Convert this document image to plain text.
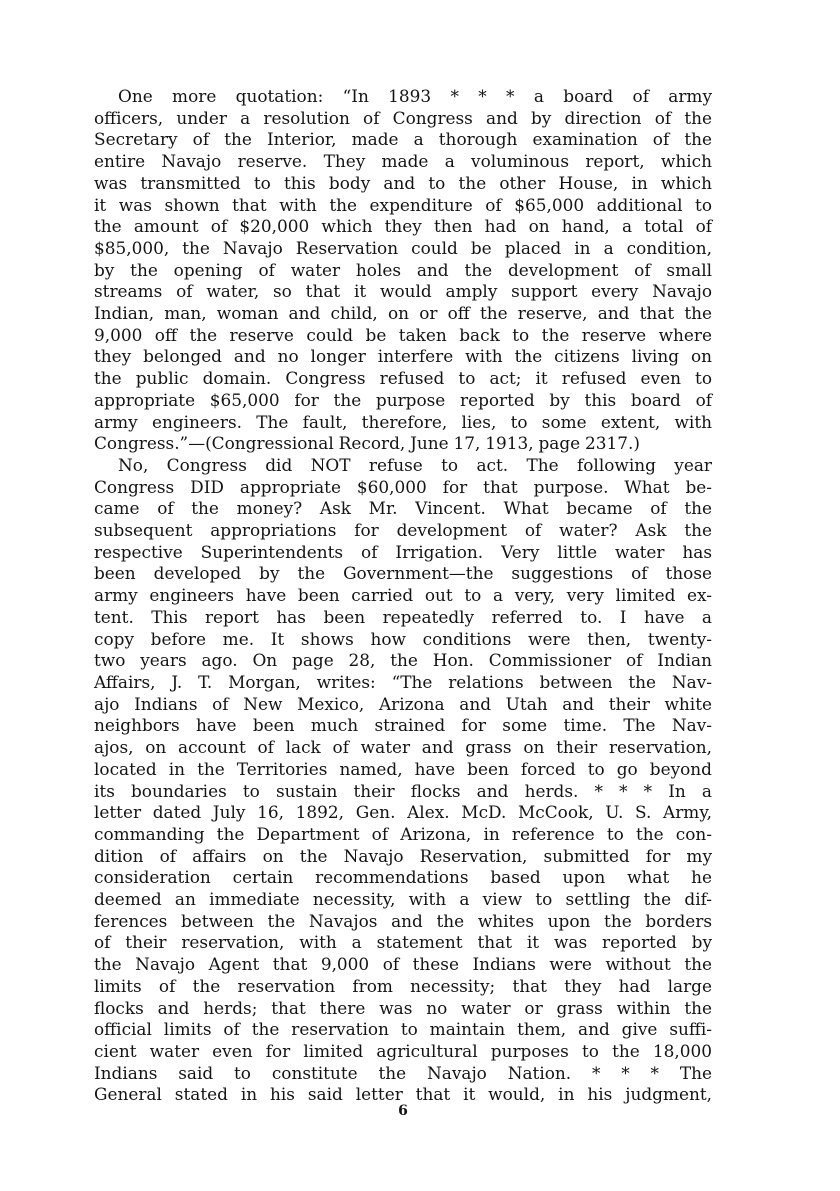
One more quotation: “In 1893 * * * a board of army
officers, under a resolution of Congress and by direction of the
Secretary of the Interior, made a thorough examination of the
entire Navajo reserve. They made a voluminous report, which
was transmitted to this body and to the other House, in which
it was shown that with the expenditure of $65,000 additional to
the amount of $20,000 which they then had on hand, a total of
$85,000, the Navajo Reservation could be placed in a condition,
by the opening of water holes and the development of small
streams of water, so that it would amply support every Navajo
Indian, man, woman and child, on or off the reserve, and that the
9,000 off the reserve could be taken back to the reserve where
they belonged and no longer interfere with the citizens living on
the public domain. Congress refused to act; it refused even to
appropriate $65,000 for the purpose reported by this board of
army engineers. The fault, therefore, lies, to some extent, with
Congress.”—(Congressional Record, June 17, 1913, page 2317.)
No, Congress did NOT refuse to act. The following year
Congress DID appropriate $60,000 for that purpose. What be-
came of the money? Ask Mr. Vincent. What became of the
subsequent appropriations for development of water? Ask the
respective Superintendents of Irrigation. Very little water has
been developed by the Government—the suggestions of those
army engineers have been carried out to a very, very limited ex-
tent. This report has been repeatedly referred to. I have a
copy before me. It shows how conditions were then, twenty-
two years ago. On page 28, the Hon. Commissioner of Indian
Affairs, J. T. Morgan, writes: “The relations between the Nav-
ajo Indians of New Mexico, Arizona and Utah and their white
neighbors have been much strained for some time. The Nav-
ajos, on account of lack of water and grass on their reservation,
located in the Territories named, have been forced to go beyond
its boundaries to sustain their flocks and herds. * * * In a
letter dated July 16, 1892, Gen. Alex. McD. McCook, U. S. Army,
commanding the Department of Arizona, in reference to the con-
dition of affairs on the Navajo Reservation, submitted for my
consideration certain recommendations based upon what he
deemed an immediate necessity, with a view to settling the dif-
ferences between the Navajos and the whites upon the borders
of their reservation, with a statement that it was reported by
the Navajo Agent that 9,000 of these Indians were without the
limits of the reservation from necessity; that they had large
flocks and herds; that there was no water or grass within the
official limits of the reservation to maintain them, and give suffi-
cient water even for limited agricultural purposes to the 18,000
Indians said to constitute the Navajo Nation. * * * The
General stated in his said letter that it would, in his judgment,
6
